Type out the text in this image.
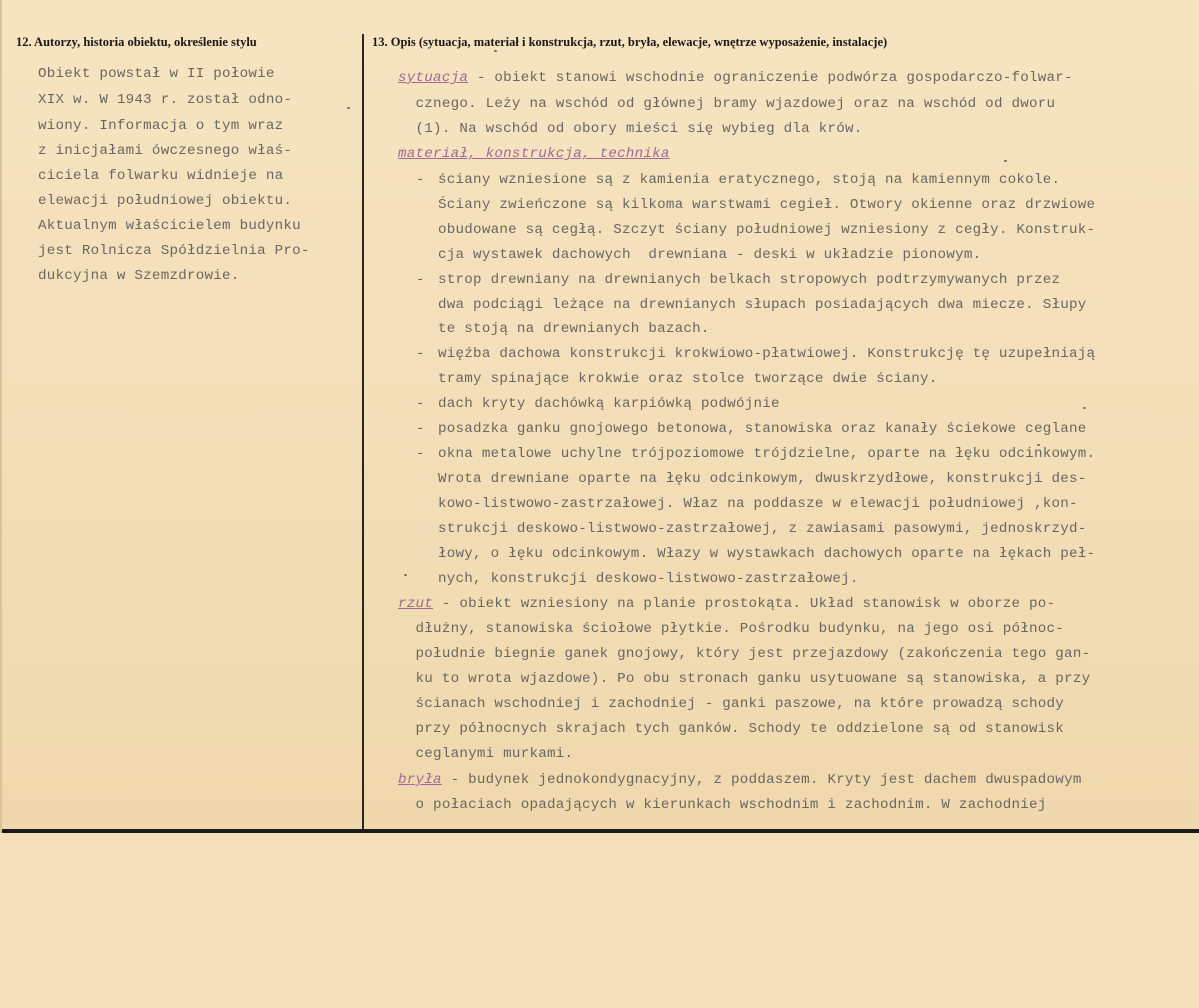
12. Autorzy, historia obiektu, określenie stylu	13. Opis (sytuacja, materiał i konstrukcja, rzut, bryła, elewacje, wnętrze wyposażenie, instalacje)

Obiekt powstał w II połowie

XIX w. W 1943 r. został odno-

wiony. Informacja o tym wraz

z inicjałami ówczesnego właś-

ciciela folwarku widnieje na

elewacji południowej obiektu.

Aktualnym właścicielem budynku

jest Rolnicza Spółdzielnia Pro-

dukcyjna w Szemzdrowie.

sytuacja - obiekt stanowi wschodnie ograniczenie podwórza gospodarczo-folwar-

cznego. Leży na wschód od głównej bramy wjazdowej oraz na wschód od dworu

(1). Na wschód od obory mieści się wybieg dla krów.

materiał, konstrukcja, technika

-

ściany wzniesione są z kamienia eratycznego, stoją na kamiennym cokole.

Ściany zwieńczone są kilkoma warstwami cegieł. Otwory okienne oraz drzwiowe

obudowane są cegłą. Szczyt ściany południowej wzniesiony z cegły. Konstruk-

cja wystawek dachowych  drewniana - deski w układzie pionowym.

-

strop drewniany na drewnianych belkach stropowych podtrzymywanych przez

dwa podciągi leżące na drewnianych słupach posiadających dwa miecze. Słupy

te stoją na drewnianych bazach.

-

więźba dachowa konstrukcji krokwiowo-płatwiowej. Konstrukcję tę uzupełniają

tramy spinające krokwie oraz stolce tworzące dwie ściany.

-

dach kryty dachówką karpiówką podwójnie

-

posadzka ganku gnojowego betonowa, stanowiska oraz kanały ściekowe ceglane

-

okna metalowe uchylne trójpoziomowe trójdzielne, oparte na łęku odcinkowym.

Wrota drewniane oparte na łęku odcinkowym, dwuskrzydłowe, konstrukcji des-

kowo-listwowo-zastrzałowej. Właz na poddasze w elewacji południowej ,kon-

strukcji deskowo-listwowo-zastrzałowej, z zawiasami pasowymi, jednoskrzyd-

łowy, o łęku odcinkowym. Włazy w wystawkach dachowych oparte na łękach peł-

nych, konstrukcji deskowo-listwowo-zastrzałowej.

rzut - obiekt wzniesiony na planie prostokąta. Układ stanowisk w oborze po-

dłużny, stanowiska ściołowe płytkie. Pośrodku budynku, na jego osi północ-

południe biegnie ganek gnojowy, który jest przejazdowy (zakończenia tego gan-

ku to wrota wjazdowe). Po obu stronach ganku usytuowane są stanowiska, a przy

ścianach wschodniej i zachodniej - ganki paszowe, na które prowadzą schody

przy północnych skrajach tych ganków. Schody te oddzielone są od stanowisk

ceglanymi murkami.

bryła - budynek jednokondygnacyjny, z poddaszem. Kryty jest dachem dwuspadowym

o połaciach opadających w kierunkach wschodnim i zachodnim. W zachodniej
